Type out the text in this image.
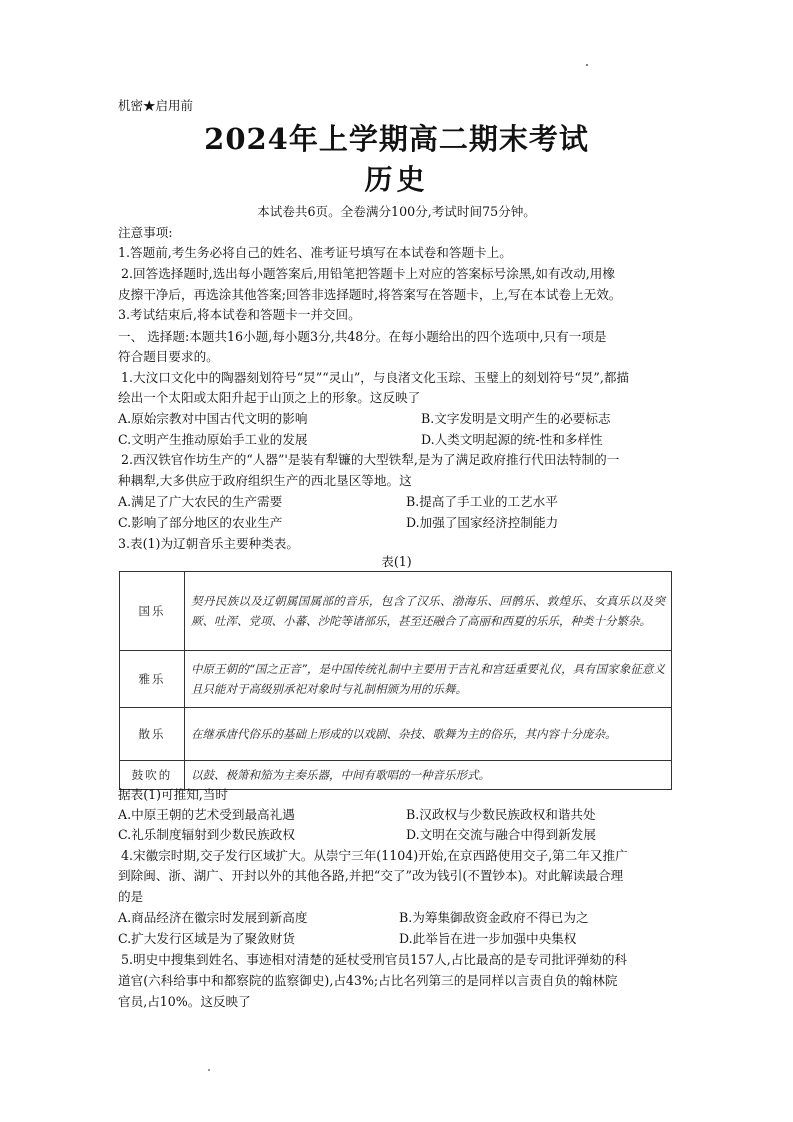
机密★启用前
2024年上学期高二期末考试
历史
本试卷共6页。全卷满分100分,考试时间75分钟。
注意事项:
1.答题前,考生务必将自己的姓名、准考证号填写在本试卷和答题卡上。
2.回答选择题时,选出每小题答案后,用铅笔把答题卡上对应的答案标号涂黑,如有改动,用橡
皮擦干净后，再选涂其他答案;回答非选择题时,将答案写在答题卡，上,写在本试卷上无效。
3.考试结束后,将本试卷和答题卡一并交回。
一、 选择题:本题共16小题,每小题3分,共48分。在每小题给出的四个选项中,只有一项是
符合题目要求的。
1.大汶口文化中的陶器刻划符号“炅”“灵山”，与良渚文化玉琮、玉璧上的刻划符号“炅”,都描
绘出一个太阳或太阳升起于山顶之上的形象。这反映了
A.原始宗教对中国古代文明的影响	B.文字发明是文明产生的必要标志
C.文明产生推动原始手工业的发展	D.人类文明起源的统-性和多样性
2.西汉铁官作坊生产的“人器”'是装有犁镰的大型铁犁,是为了满足政府推行代田法特制的一
种耦犁,大多供应于政府组织生产的西北垦区等地。这
A.满足了广大农民的生产需要	B.提高了手工业的工艺水平
C.影响了部分地区的农业生产	D.加强了国家经济控制能力
3.表(1)为辽朝音乐主要种类表。
表(1)
国乐	契丹民族以及辽朝属国属部的音乐，包含了汉乐、渤海乐、回鹘乐、敦煌乐、女真乐以及突厥、吐浑、党项、小蕃、沙陀等诸部乐，甚至还融合了高丽和西夏的乐乐，种类十分繁杂。
雅乐	中原王朝的“国之正音”，是中国传统礼制中主要用于吉礼和宫廷重要礼仪，具有国家象征意义且只能对于高级别承祀对象时与礼制相颁为用的乐舞。
散乐	在继承唐代俗乐的基础上形成的以戏剧、杂技、歌舞为主的俗乐，其内容十分庞杂。
鼓吹的	以鼓、极箫和笳为主奏乐器，中间有歌唱的一种音乐形式。
据表(1)可推知,当时
A.中原王朝的艺术受到最高礼遇	B.汉政权与少数民族政权和谐共处
C.礼乐制度辐射到少数民族政权	D.文明在交流与融合中得到新发展
4.宋徽宗时期,交子发行区域扩大。从崇宁三年(1104)开始,在京西路使用交子,第二年又推广
到除闽、浙、湖广、开封以外的其他各路,并把“交了”改为钱引(不置钞本)。对此解读最合理
的是
A.商品经济在徽宗时发展到新高度	B.为筹集御敌资金政府不得已为之
C.扩大发行区域是为了聚敛财货	D.此举旨在进一步加强中央集权
5.明史中搜集到姓名、事迹相对清楚的延杖受刑官员157人,占比最高的是专司批评弹劾的科
道官(六科给事中和都察院的监察御史),占43%;占比名列第三的是同样以言责自负的翰林院
官员,占10%。这反映了
